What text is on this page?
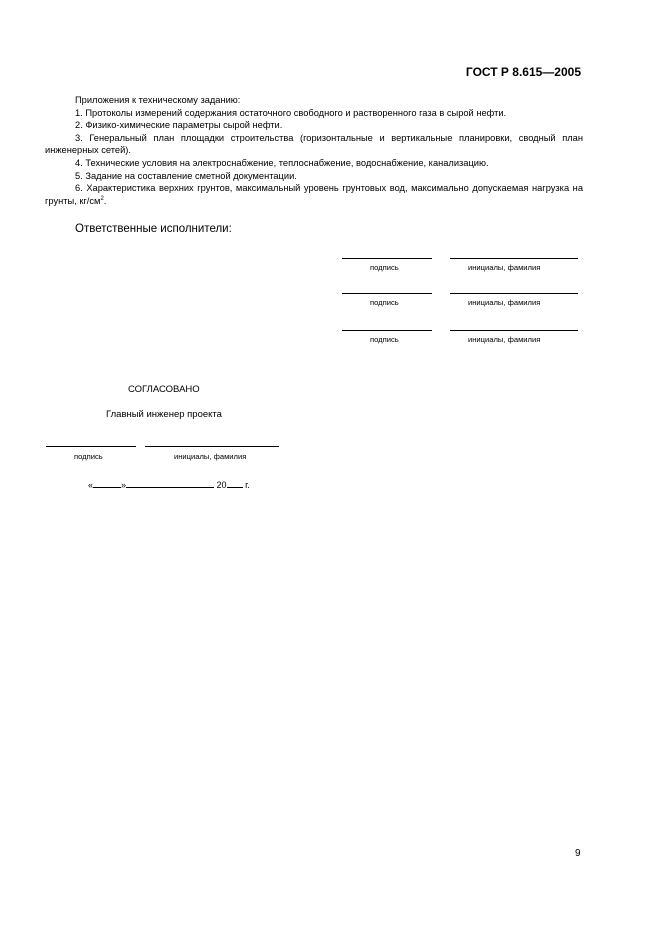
ГОСТ Р 8.615—2005
Приложения к техническому заданию:
1. Протоколы измерений содержания остаточного свободного и растворенного газа в сырой нефти.
2. Физико-химические параметры сырой нефти.
3. Генеральный план площадки строительства (горизонтальные и вертикальные планировки, сводный план инженерных сетей).
4. Технические условия на электроснабжение, теплоснабжение, водоснабжение, канализацию.
5. Задание на составление сметной документации.
6. Характеристика верхних грунтов, максимальный уровень грунтовых вод, максимально допускаемая нагрузка на грунты, $кг/см^2$.
Ответственные исполнители:
подпись	инициалы, фамилия
подпись	инициалы, фамилия
подпись	инициалы, фамилия
СОГЛАСОВАНО
Главный инженер проекта
подпись	инициалы, фамилия
«	»	20 г.
9
